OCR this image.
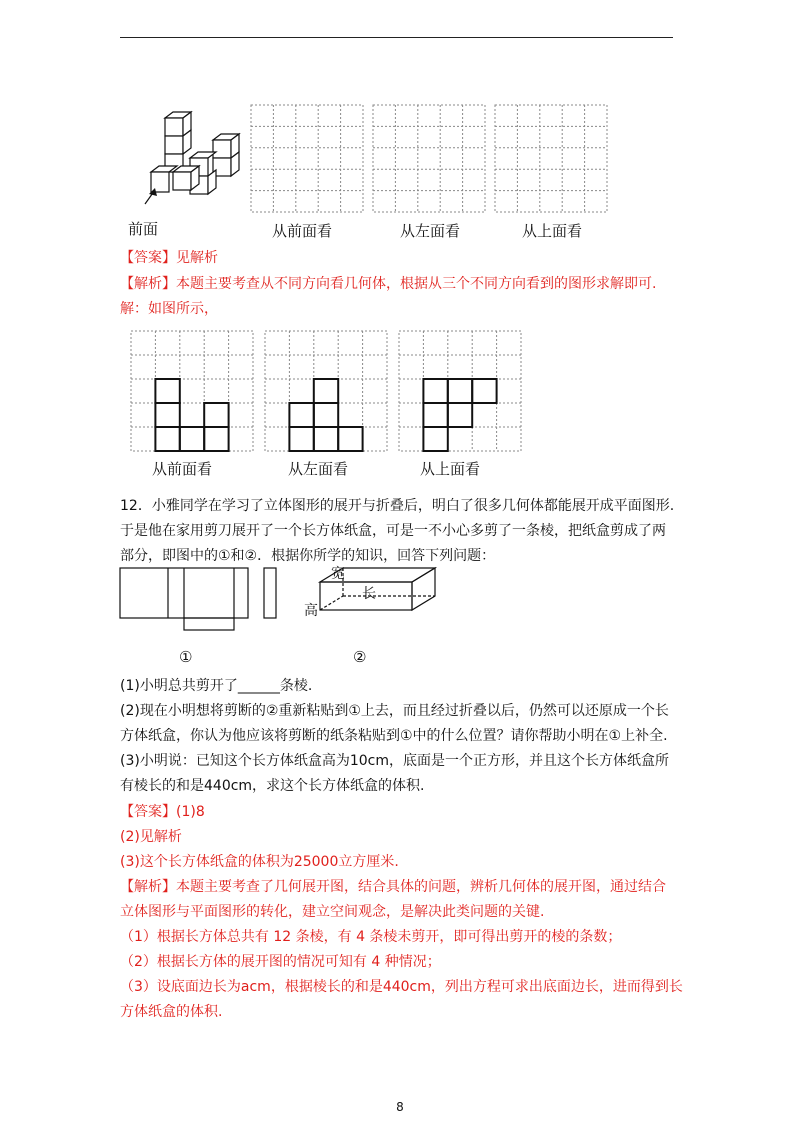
前面	从前面看	从左面看	从上面看
【答案】见解析
【解析】本题主要考查从不同方向看几何体，根据从三个不同方向看到的图形求解即可.
解：如图所示，
从前面看	从左面看	从上面看
12．小雅同学在学习了立体图形的展开与折叠后，明白了很多几何体都能展开成平面图形.
于是他在家用剪刀展开了一个长方体纸盒，可是一不小心多剪了一条棱，把纸盒剪成了两
部分，即图中的①和②．根据你所学的知识，回答下列问题：
宽
长
高
①	②
(1)小明总共剪开了______条棱.
(2)现在小明想将剪断的②重新粘贴到①上去，而且经过折叠以后，仍然可以还原成一个长
方体纸盒，你认为他应该将剪断的纸条粘贴到①中的什么位置？请你帮助小明在①上补全.
(3)小明说：已知这个长方体纸盒高为10cm，底面是一个正方形，并且这个长方体纸盒所
有棱长的和是440cm，求这个长方体纸盒的体积.
【答案】(1)8
(2)见解析
(3)这个长方体纸盒的体积为25000立方厘米.
【解析】本题主要考查了几何展开图，结合具体的问题，辨析几何体的展开图，通过结合
立体图形与平面图形的转化，建立空间观念，是解决此类问题的关键.
（1）根据长方体总共有 12 条棱，有 4 条棱未剪开，即可得出剪开的棱的条数；
（2）根据长方体的展开图的情况可知有 4 种情况；
（3）设底面边长为acm，根据棱长的和是440cm，列出方程可求出底面边长，进而得到长
方体纸盒的体积.
8
